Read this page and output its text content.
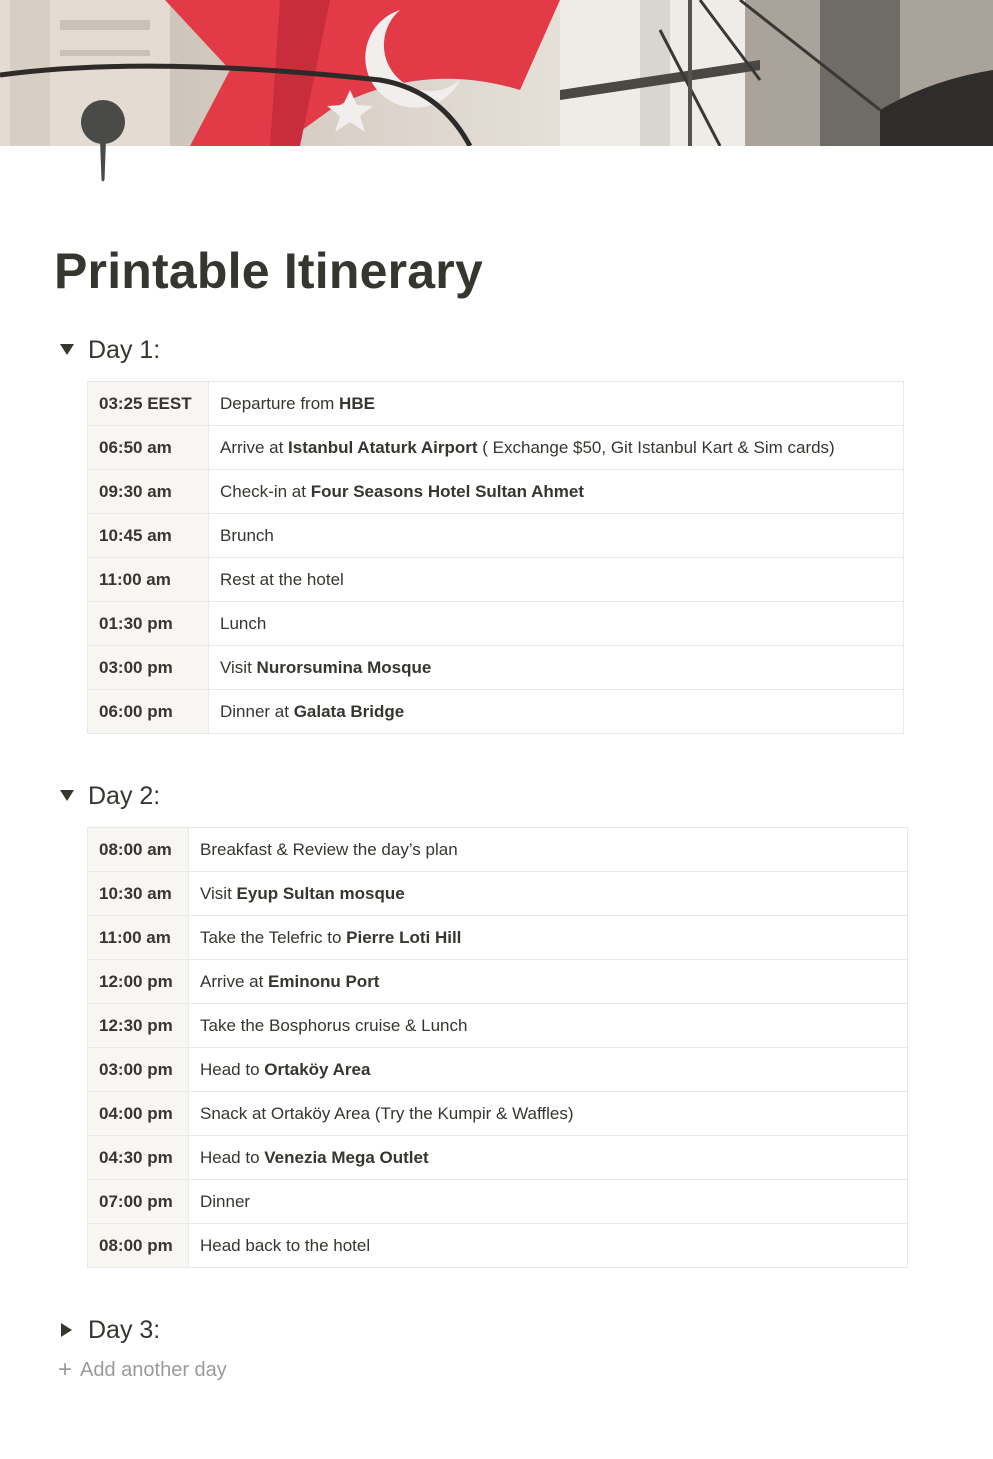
Printable Itinerary
Day 1:
03:25 EEST	Departure from HBE
06:50 am	Arrive at Istanbul Ataturk Airport ( Exchange $50, Git Istanbul Kart & Sim cards)
09:30 am	Check-in at Four Seasons Hotel Sultan Ahmet
10:45 am	Brunch
11:00 am	Rest at the hotel
01:30 pm	Lunch
03:00 pm	Visit Nurorsumina Mosque
06:00 pm	Dinner at Galata Bridge
Day 2:
08:00 am	Breakfast & Review the day’s plan
10:30 am	Visit Eyup Sultan mosque
11:00 am	Take the Telefric to Pierre Loti Hill
12:00 pm	Arrive at Eminonu Port
12:30 pm	Take the Bosphorus cruise & Lunch
03:00 pm	Head to Ortaköy Area
04:00 pm	Snack at Ortaköy Area (Try the Kumpir & Waffles)
04:30 pm	Head to Venezia Mega Outlet
07:00 pm	Dinner
08:00 pm	Head back to the hotel
Day 3:
+ Add another day
